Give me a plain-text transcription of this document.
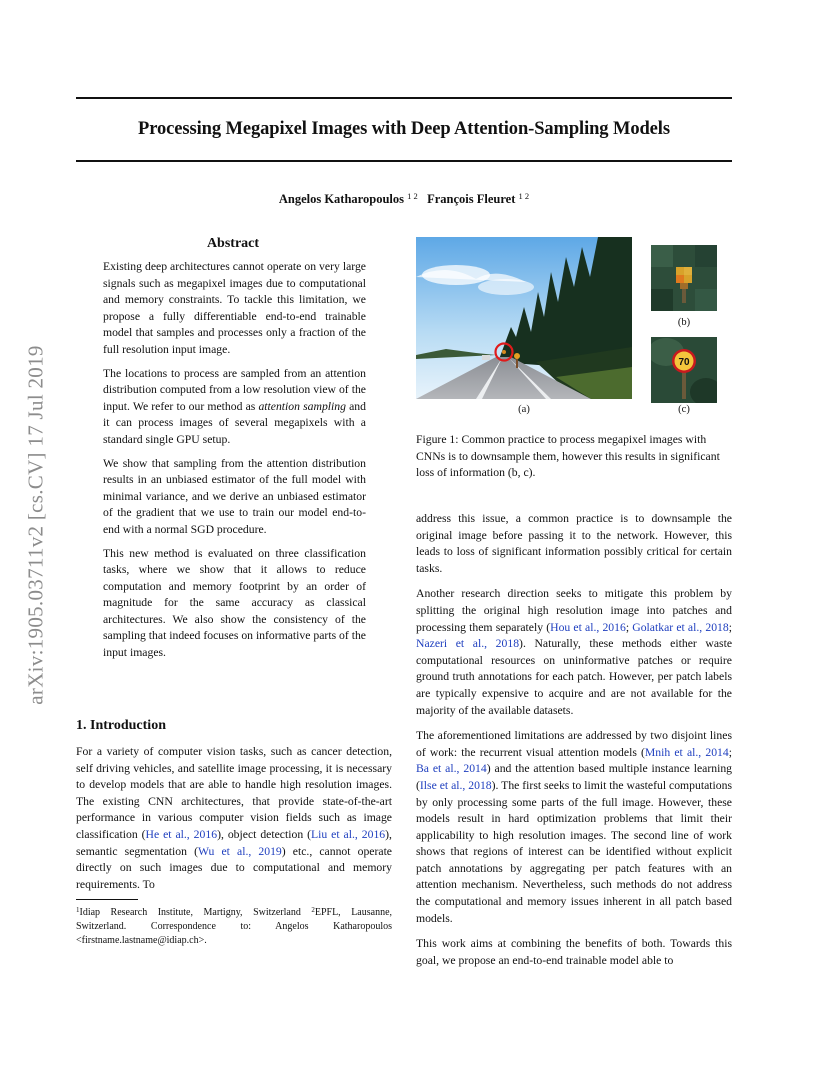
Processing Megapixel Images with Deep Attention-Sampling Models
Angelos Katharopoulos $^{1 2}$ François Fleuret $^{1 2}$
arXiv:1905.03711v2 [cs.CV] 17 Jul 2019
Abstract

Existing deep architectures cannot operate on very large signals such as megapixel images due to computational and memory constraints. To tackle this limitation, we propose a fully differentiable end-to-end trainable model that samples and processes only a fraction of the full resolution input image.

The locations to process are sampled from an attention distribution computed from a low resolution view of the input. We refer to our method as attention sampling and it can process images of several megapixels with a standard single GPU setup.

We show that sampling from the attention distribution results in an unbiased estimator of the full model with minimal variance, and we derive an unbiased estimator of the gradient that we use to train our model end-to-end with a normal SGD procedure.

This new method is evaluated on three classification tasks, where we show that it allows to reduce computation and memory footprint by an order of magnitude for the same accuracy as classical architectures. We also show the consistency of the sampling that indeed focuses on informative parts of the input images.

1. Introduction
For a variety of computer vision tasks, such as cancer detection, self driving vehicles, and satellite image processing, it is necessary to develop models that are able to handle high resolution images. The existing CNN architectures, that provide state-of-the-art performance in various computer vision fields such as image classification (He et al., 2016), object detection (Liu et al., 2016), semantic segmentation (Wu et al., 2019) etc., cannot operate directly on such images due to computational and memory requirements. To
$^1$Idiap Research Institute, Martigny, Switzerland $^2$EPFL, Lausanne, Switzerland. Correspondence to: Angelos Katharopoulos <firstname.lastname@idiap.ch>.
70
(a)
(b)
(c)
Figure 1: Common practice to process megapixel images with CNNs is to downsample them, however this results in significant loss of information (b, c).

address this issue, a common practice is to downsample the original image before passing it to the network. However, this leads to loss of significant information possibly critical for certain tasks.

Another research direction seeks to mitigate this problem by splitting the original high resolution image into patches and processing them separately (Hou et al., 2016; Golatkar et al., 2018; Nazeri et al., 2018). Naturally, these methods either waste computational resources on uninformative patches or require ground truth annotations for each patch. However, per patch labels are typically expensive to acquire and are not available for the majority of the available datasets.

The aforementioned limitations are addressed by two disjoint lines of work: the recurrent visual attention models (Mnih et al., 2014; Ba et al., 2014) and the attention based multiple instance learning (Ilse et al., 2018). The first seeks to limit the wasteful computations by only processing some parts of the full image. However, these models result in hard optimization problems that limit their applicability to high resolution images. The second line of work shows that regions of interest can be identified without explicit patch annotations by aggregating per patch features with an attention mechanism. Nevertheless, such methods do not address the computational and memory issues inherent in all patch based models.

This work aims at combining the benefits of both. Towards this goal, we propose an end-to-end trainable model able to
